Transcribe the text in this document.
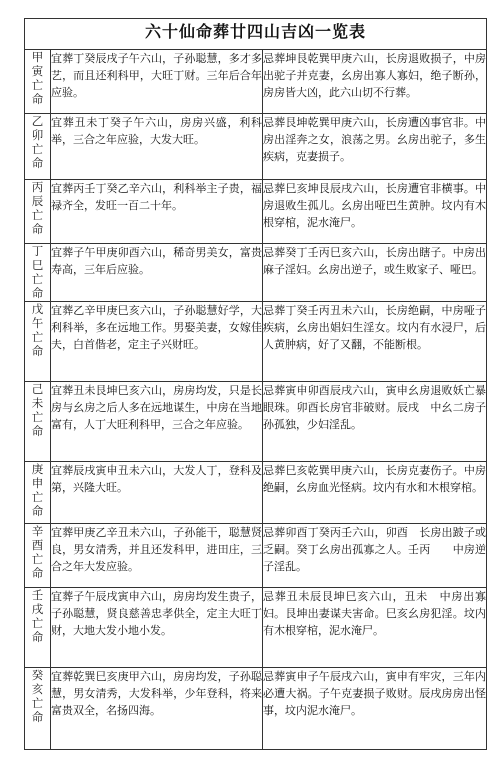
六十仙命葬廿四山吉凶一览表		

甲寅亡命	宜葬丁癸辰戌子午六山，子孙聪慧，多才多艺，而且还利科甲，大旺丁财。三年后合年应验。	忌葬坤艮乾巽甲庚六山，长房退败损子，中房出驼子并克妻，幺房出寡人寡妇，绝子断孙，房房皆大凶，此六山切不行葬。

乙卯亡命	宜葬丑未丁癸子午六山，房房兴盛，利科举，三合之年应验，大发大旺。	忌葬艮坤乾巽甲庚六山，长房遭凶事官非。中房出淫奔之女，浪荡之男。幺房出驼子，多生疾病，克妻损子。

丙辰亡命	宜葬丙壬丁癸乙辛六山，利科举主子贵，福禄齐全，发旺一百二十年。	忌葬巳亥坤艮辰戌六山，长房遭官非横事。中房退败生孤儿。幺房出哑巴生黄肿。坟内有木根穿棺，泥水淹尸。

丁巳亡命	宜葬子午甲庚卯酉六山，稀奇男美女，富贵寿高，三年后应验。	忌葬癸丁壬丙巳亥六山，长房出瞎子。中房出麻子淫妇。幺房出逆子，或生败家子、哑巴。

戊午亡命	宜葬乙辛甲庚巳亥六山，子孙聪慧好学，大利科举，多在远地工作。男娶美妻，女嫁佳夫，白首偕老，定主子兴财旺。	忌葬丁癸壬丙丑未六山，长房绝嗣，中房哑子疾病，幺房出娼妇生淫女。坟内有水浸尸，后人黄肿病，好了又翻，不能断根。

己未亡命	宜葬丑未艮坤巳亥六山，房房均发，只是长房与幺房之后人多在远地谋生，中房在当地富有，人丁大旺利科甲，三合之年应验。	忌葬寅申卯酉辰戌六山，寅申幺房退败妖亡暴眼珠。卯酉长房官非破财。辰戌　中幺二房子孙孤独，少妇淫乱。

庚申亡命	宜葬辰戌寅申丑未六山，大发人丁，登科及第，兴隆大旺。	忌葬巳亥乾巽甲庚六山，长房克妻伤子。中房绝嗣，幺房血光怪病。坟内有水和木根穿棺。

辛酉亡命	宜葬甲庚乙辛丑未六山，子孙能干，聪慧贤良，男女清秀，并且还发科甲，进田庄，三合之年大发应验。	忌葬卯酉丁癸丙壬六山，卯酉　长房出跛子或乏嗣。癸丁幺房出孤寡之人。壬丙　　中房逆子淫乱。

壬戌亡命	宜葬子午辰戌寅申六山，房房均发生贵子，子孙聪慧，贤良慈善忠孝供全，定主大旺丁财，大地大发小地小发。	忌葬丑未辰艮坤巳亥六山，丑未　中房出寡妇。艮坤出妻谋夫害命。巳亥幺房犯淫。坟内有木根穿棺，泥水淹尸。

癸亥亡命	宜葬乾巽巳亥庚甲六山，房房均发，子孙聪慧，男女清秀，大发科举，少年登科，将来富贵双全，名扬四海。	忌葬寅申子午辰戌六山，寅申有牢灾，三年内必遭大祸。子午克妻损子败财。辰戌房房出怪事，坟内泥水淹尸。
